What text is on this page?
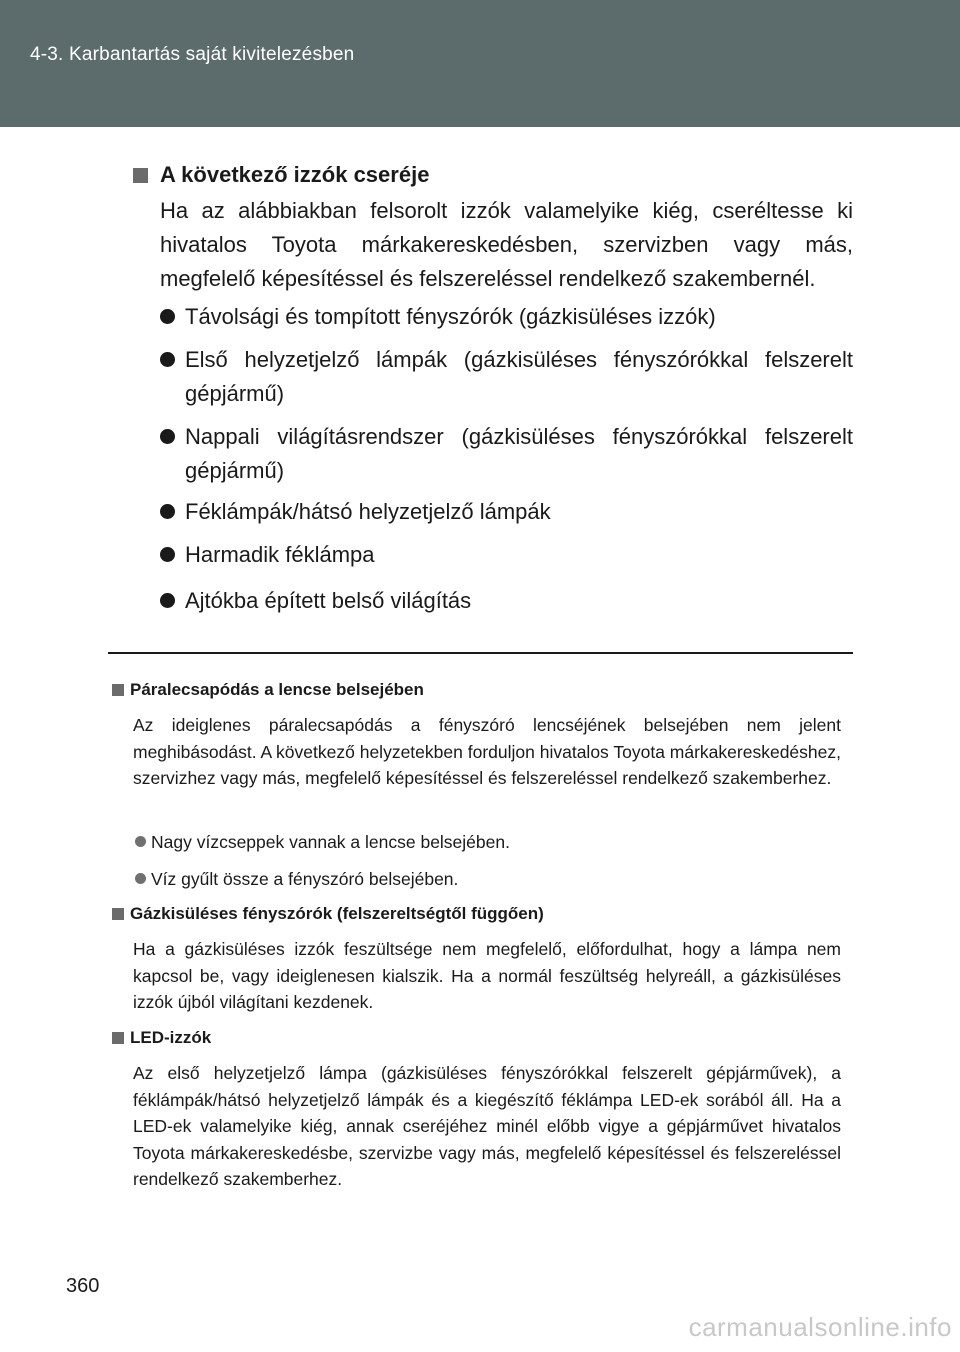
4-3. Karbantartás saját kivitelezésben
A következő izzók cseréje

Ha az alábbiakban felsorolt izzók valamelyike kiég, cseréltesse ki hivatalos Toyota márkakereskedésben, szervizben vagy más, megfelelő képesítéssel és felszereléssel rendelkező szakembernél.

Távolsági és tompított fényszórók (gázkisüléses izzók)
Első helyzetjelző lámpák (gázkisüléses fényszórókkal felszerelt gépjármű)
Nappali világításrendszer (gázkisüléses fényszórókkal felszerelt gépjármű)
Féklámpák/hátsó helyzetjelző lámpák
Harmadik féklámpa
Ajtókba épített belső világítás
Páralecsapódás a lencse belsejében

Az ideiglenes páralecsapódás a fényszóró lencséjének belsejében nem jelent meghibásodást. A következő helyzetekben forduljon hivatalos Toyota márkakereskedéshez, szervizhez vagy más, megfelelő képesítéssel és felszereléssel rendelkező szakemberhez.

Nagy vízcseppek vannak a lencse belsejében.
Víz gyűlt össze a fényszóró belsejében.
Gázkisüléses fényszórók (felszereltségtől függően)

Ha a gázkisüléses izzók feszültsége nem megfelelő, előfordulhat, hogy a lámpa nem kapcsol be, vagy ideiglenesen kialszik. Ha a normál feszültség helyreáll, a gázkisüléses izzók újból világítani kezdenek.

LED-izzók

Az első helyzetjelző lámpa (gázkisüléses fényszórókkal felszerelt gépjárművek), a féklámpák/hátsó helyzetjelző lámpák és a kiegészítő féklámpa LED-ek sorából áll. Ha a LED-ek valamelyike kiég, annak cseréjéhez minél előbb vigye a gépjárművet hivatalos Toyota márkakereskedésbe, szervizbe vagy más, megfelelő képesítéssel és felszereléssel rendelkező szakemberhez.

360
carmanualsonline.info
